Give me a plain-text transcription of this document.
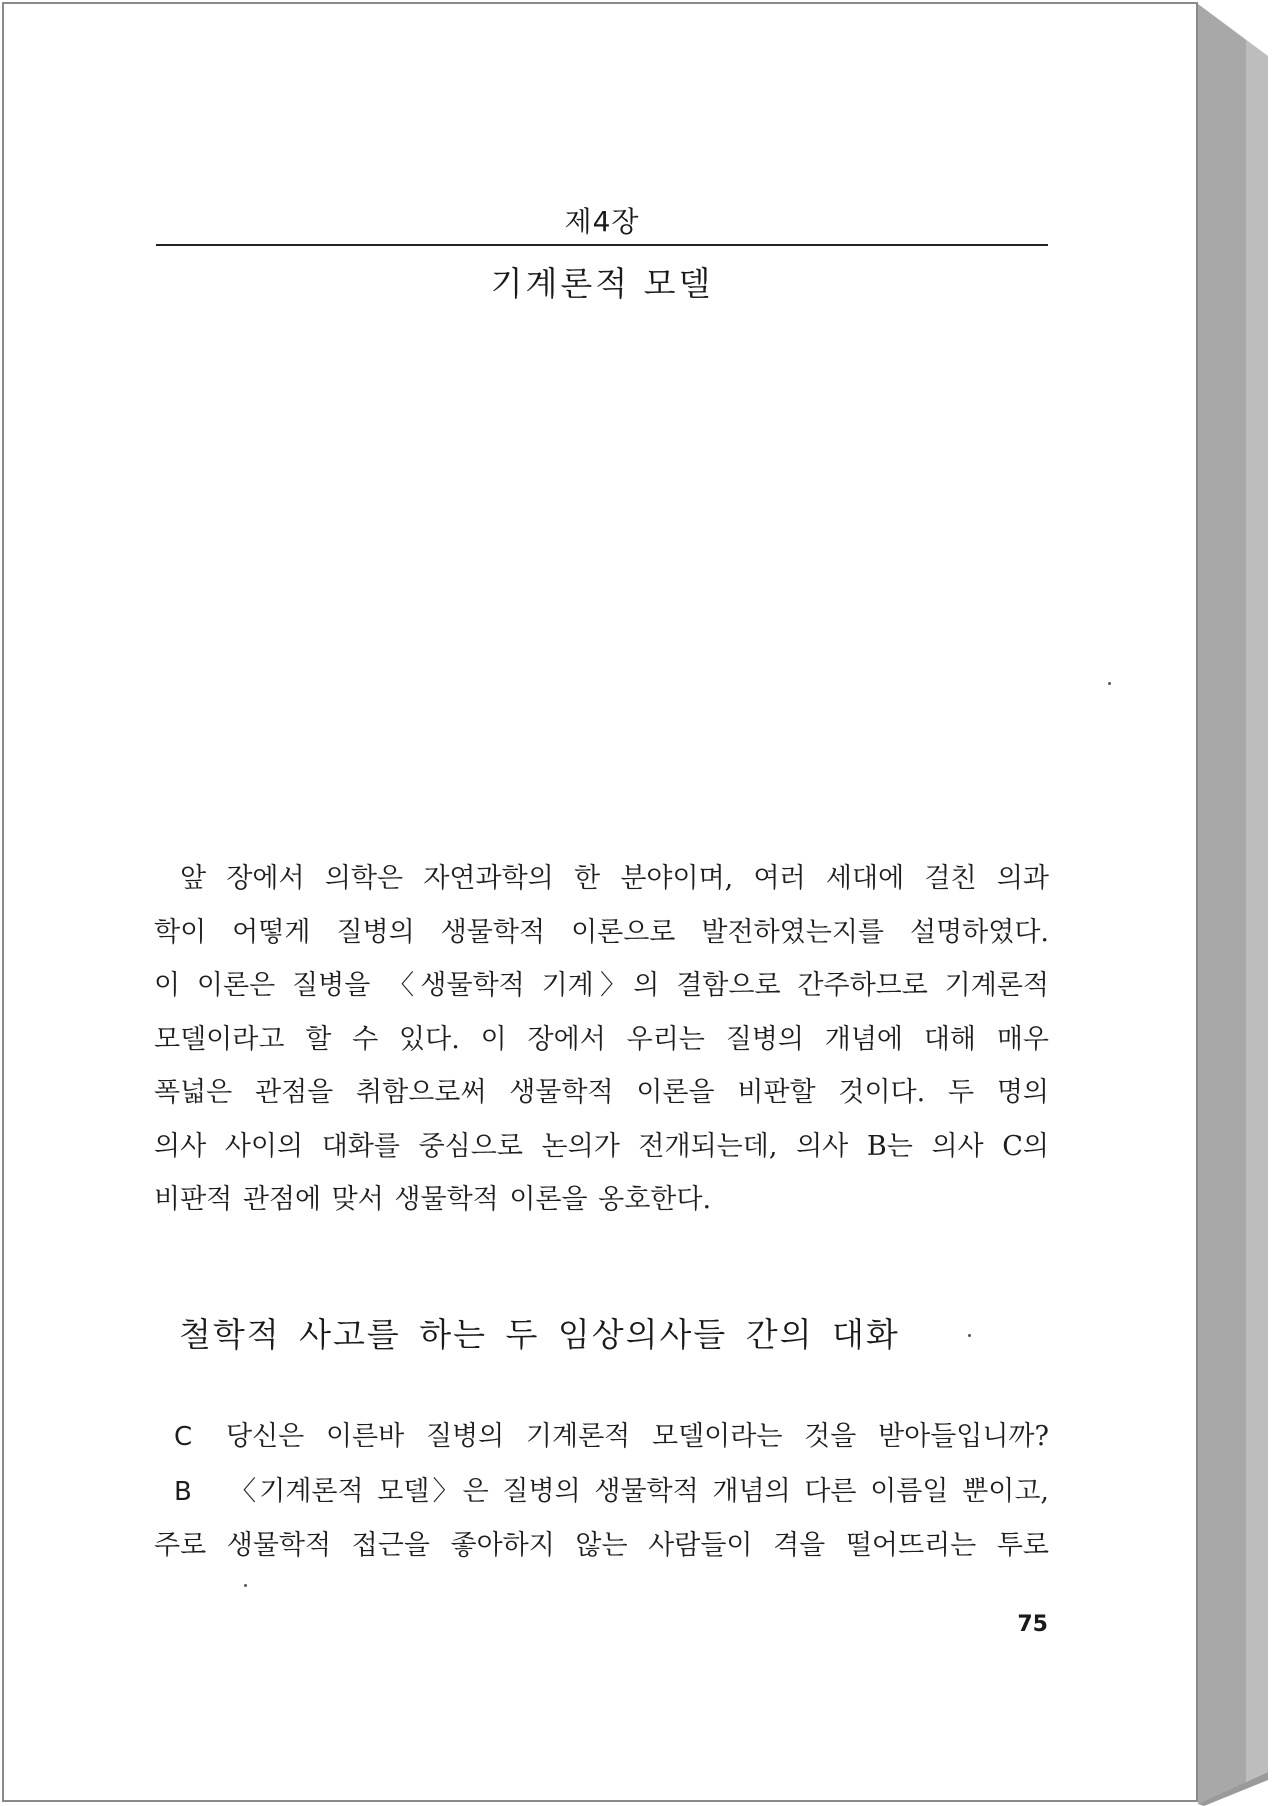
제4장
기계론적 모델

앞 장에서 의학은 자연과학의 한 분야이며, 여러 세대에 걸친 의과
학이 어떻게 질병의 생물학적 이론으로 발전하였는지를 설명하였다.
이 이론은 질병을 〈생물학적 기계〉의 결함으로 간주하므로 기계론적
모델이라고 할 수 있다. 이 장에서 우리는 질병의 개념에 대해 매우
폭넓은 관점을 취함으로써 생물학적 이론을 비판할 것이다. 두 명의
의사 사이의 대화를 중심으로 논의가 전개되는데, 의사 B는 의사 C의
비판적 관점에 맞서 생물학적 이론을 옹호한다.

철학적 사고를 하는 두 임상의사들 간의 대화

C 당신은 이른바 질병의 기계론적 모델이라는 것을 받아들입니까?
B 〈기계론적 모델〉은 질병의 생물학적 개념의 다른 이름일 뿐이고,
주로 생물학적 접근을 좋아하지 않는 사람들이 격을 떨어뜨리는 투로

75
